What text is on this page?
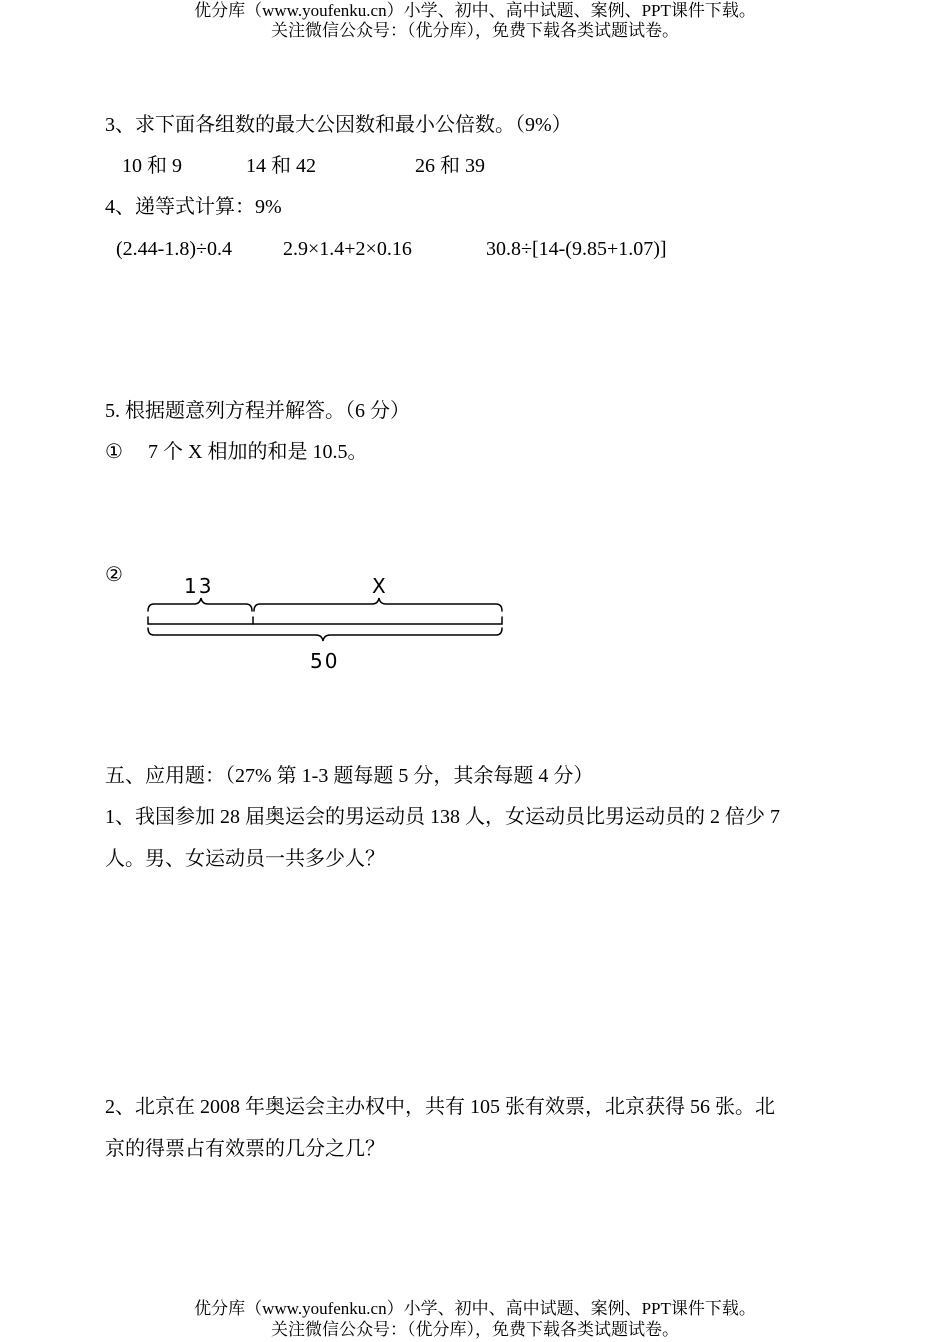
优分库（www.youfenku.cn）小学、初中、高中试题、案例、PPT课件下载。
关注微信公众号：（优分库），免费下载各类试题试卷。
3、求下面各组数的最大公因数和最小公倍数。（9%）
10 和 9	14 和 42	26 和 39
4、递等式计算：9%
(2.44-1.8)÷0.4	2.9×1.4+2×0.16	30.8÷[14-(9.85+1.07)]
5. 根据题意列方程并解答。（6 分）
① 7 个 X 相加的和是 10.5。
②	13	X
50
五、应用题：（27% 第 1-3 题每题 5 分，其余每题 4 分）
1、我国参加 28 届奥运会的男运动员 138 人，女运动员比男运动员的 2 倍少 7
人。男、女运动员一共多少人？
2、北京在 2008 年奥运会主办权中，共有 105 张有效票，北京获得 56 张。北
京的得票占有效票的几分之几？
优分库（www.youfenku.cn）小学、初中、高中试题、案例、PPT课件下载。
关注微信公众号：（优分库），免费下载各类试题试卷。
